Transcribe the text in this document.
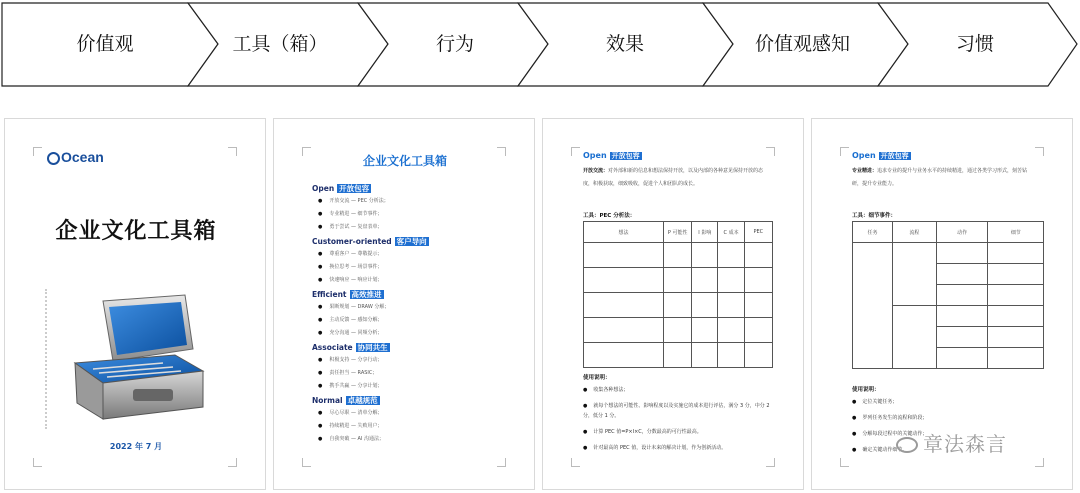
价值观	工具（箱）	行为	效果	价值观感知	习惯
Ocean
企业文化工具箱
2022 年 7 月
企业文化工具箱
Open 开放包容
● 开放交流 — PEC 分析法；
● 专业精进 — 细节事件；
● 勇于尝试 — 复盘表单；
Customer-oriented 客户导向
● 尊重客户 — 尊敬提示；
● 换位思考 — 场景事件；
● 快速响应 — 响应计划；
Efficient 高效推进
● 果断规划 — DRAW 分解；
● 主动反馈 — 感知分解；
● 充分沟通 — 同频分析；
Associate 协同共生
● 积极支持 — 分享行动；
● 责任担当 — RASIC；
● 携手共赢 — 分享计划；
Normal 卓越规范
● 尽心尽职 — 清单分解；
● 持续精进 — 失败用户；
● 自我突破 — AI 沟通法；
Open 开放包容
开放交流：对外部和新的信息和想法保持开放，以及内部的各种意见保持开放的态度，积极获取，细致吸收，促进个人和团队的成长。
工具：PEC 分析法：
想法	P 可能性	I 影响	C 成本	PEC

使用说明：
● 收集各种想法；
● 就每个想法的可能性、影响程度以及实施它的成本进行评估，满分 3 分，中分 2 分，低分 1 分。
● 计算 PEC 值=P×I×C，分数最高的可行性最高。
● 针对最高的 PEC 值，设计未来的解决计划，作为创新活动。
Open 开放包容
专业精进：追求专业的提升与业务水平的持续精进，通过各类学习形式，刻苦钻研，提升专业能力。
工具：细节事件：
任务	流程	动作	细节

使用说明：
● 定位关键任务；
● 罗列任务发生的流程和阶段；
● 分解每段过程中的关键动作；
● 确定关键动作细节。 章法森言
